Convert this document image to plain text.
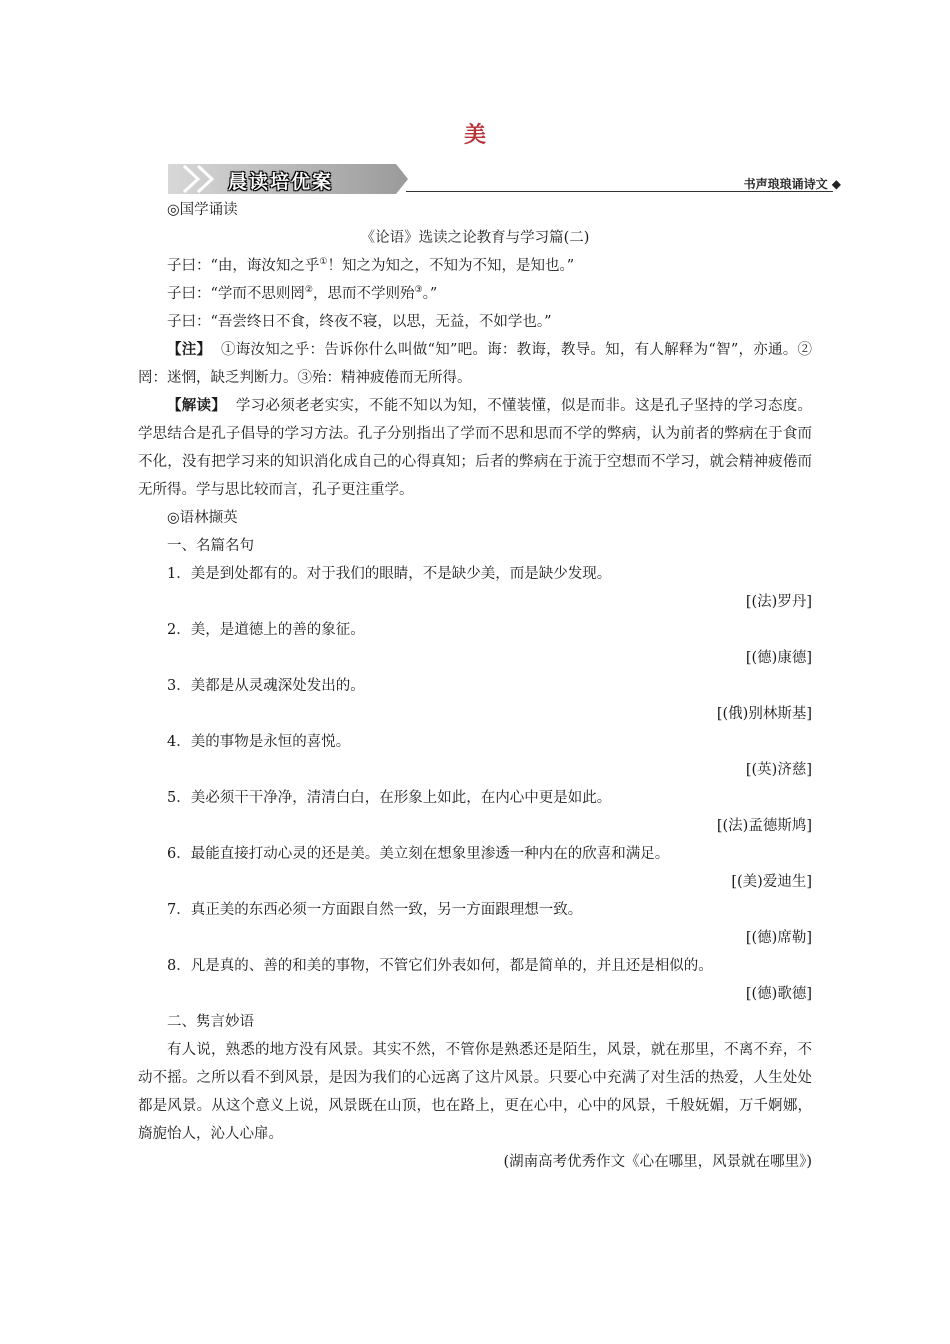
美
晨读培优案	书声琅琅诵诗文 ◆

◎国学诵读

《论语》选读之论教育与学习篇(二)

子曰：“由，诲汝知之乎①！知之为知之，不知为不知，是知也。”

子曰：“学而不思则罔②，思而不学则殆③。”

子曰：“吾尝终日不食，终夜不寝，以思，无益，不如学也。”

【注】 ①诲汝知之乎：告诉你什么叫做“知”吧。诲：教诲，教导。知，有人解释为“智”，亦通。②罔：迷惘，缺乏判断力。③殆：精神疲倦而无所得。

【解读】 学习必须老老实实，不能不知以为知，不懂装懂，似是而非。这是孔子坚持的学习态度。学思结合是孔子倡导的学习方法。孔子分别指出了学而不思和思而不学的弊病，认为前者的弊病在于食而不化，没有把学习来的知识消化成自己的心得真知；后者的弊病在于流于空想而不学习，就会精神疲倦而无所得。学与思比较而言，孔子更注重学。

◎语林撷英

一、名篇名句

1．美是到处都有的。对于我们的眼睛，不是缺少美，而是缺少发现。

[(法)罗丹]

2．美，是道德上的善的象征。

[(德)康德]

3．美都是从灵魂深处发出的。

[(俄)别林斯基]

4．美的事物是永恒的喜悦。

[(英)济慈]

5．美必须干干净净，清清白白，在形象上如此，在内心中更是如此。

[(法)孟德斯鸠]

6．最能直接打动心灵的还是美。美立刻在想象里渗透一种内在的欣喜和满足。

[(美)爱迪生]

7．真正美的东西必须一方面跟自然一致，另一方面跟理想一致。

[(德)席勒]

8．凡是真的、善的和美的事物，不管它们外表如何，都是简单的，并且还是相似的。

[(德)歌德]

二、隽言妙语

有人说，熟悉的地方没有风景。其实不然，不管你是熟悉还是陌生，风景，就在那里，不离不弃，不动不摇。之所以看不到风景，是因为我们的心远离了这片风景。只要心中充满了对生活的热爱，人生处处都是风景。从这个意义上说，风景既在山顶，也在路上，更在心中，心中的风景，千般妩媚，万千婀娜，旖旎怡人，沁人心扉。

(湖南高考优秀作文《心在哪里，风景就在哪里》)
